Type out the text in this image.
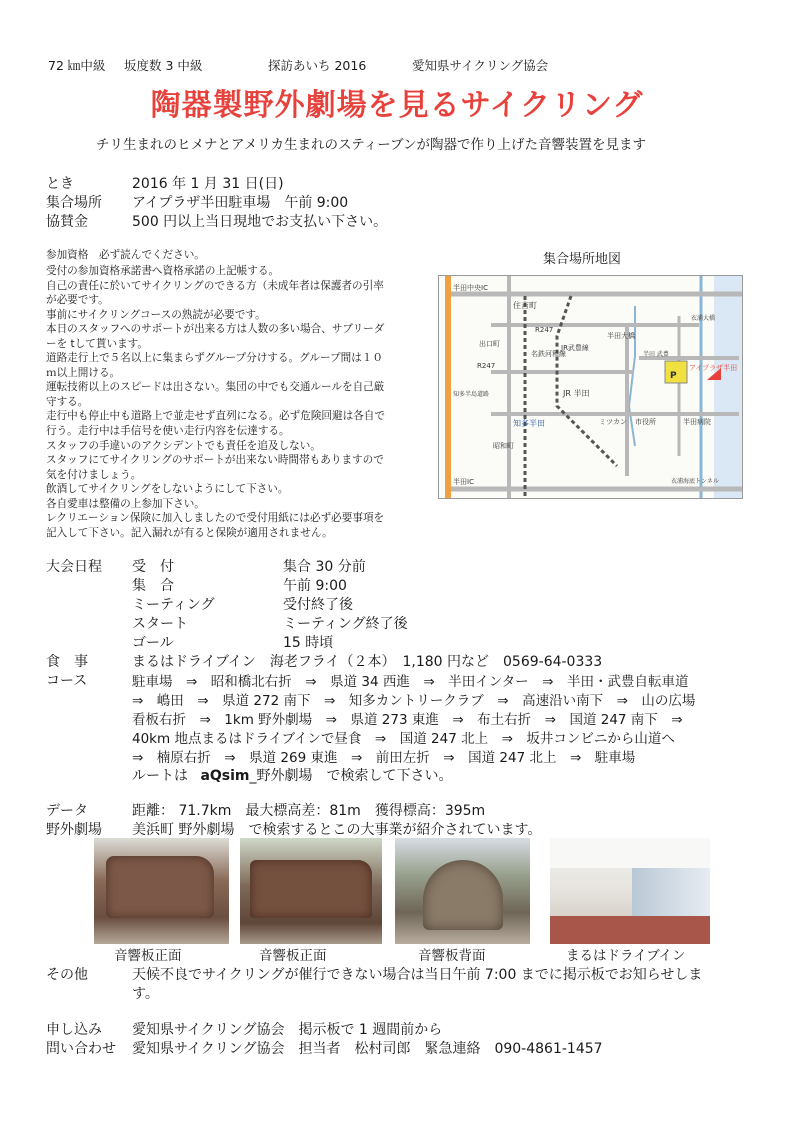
72 ㎞中級 坂度数 3 中級	探訪あいち 2016	愛知県サイクリング協会
陶器製野外劇場を見るサイクリング
チリ生まれのヒメナとアメリカ生まれのスティーブンが陶器で作り上げた音響装置を見ます
とき	2016 年 1 月 31 日(日)
集合場所 アイプラザ半田駐車場　午前 9:00
協賛金	500 円以上当日現地でお支払い下さい。
参加資格　必ず読んでください。
受付の参加資格承諾書へ資格承諾の上記帳する。
自己の責任に於いてサイクリングのできる方（未成年者は保護者の引率
が必要です。
事前にサイクリングコースの熟読が必要です。
本日のスタッフへのサポートが出来る方は人数の多い場合、サブリーダ
ーを tして貰います。
道路走行上で５名以上に集まらずグループ分けする。グループ間は１０
ｍ以上開ける。
運転技術以上のスピードは出さない。集団の中でも交通ルールを自己厳
守する。
走行中も停止中も道路上で並走せず直列になる。必ず危険回避は各自で
行う。走行中は手信号を使い走行内容を伝達する。
スタッフの手違いのアクシデントでも責任を追及しない。
スタッフにてサイクリングのサポートが出来ない時間帯もありますので
気を付けましょう。
飲酒してサイクリングをしないようにして下さい。
各自愛車は整備の上参加下さい。
レクリエーション保険に加入しましたので受付用紙には必ず必要事項を
記入して下さい。記入漏れが有ると保険が適用されません。
集合場所地図
半田中央IC
半田IC
住吉町
R247
R247
JR 半田
知多半田
半田大橋
衣浦大橋
衣浦海底トンネル
P
アイプラザ半田
市役所	半田病院
ミツカン
出口町
名鉄河和線
JR武豊線
昭和町
知多半島道路
半田 武豊
大会日程 受　付	集合 30 分前
集　合	午前 9:00
ミーティング	受付終了後
スタート	ミーティング終了後
ゴール	15 時頃
食　事	まるはドライブイン　海老フライ（２本）　1,180 円など　0569-64-0333
コース	駐車場　⇒　昭和橋北右折　⇒　県道 34 西進　⇒　半田インター　⇒　半田・武豊自転車道
⇒　嶋田　⇒　県道 272 南下　⇒　知多カントリークラブ　⇒　高速沿い南下　⇒　山の広場
看板右折　⇒　1km 野外劇場　⇒　県道 273 東進　⇒　布土右折　⇒　国道 247 南下　⇒
40km 地点まるはドライブインで昼食　⇒　国道 247 北上　⇒　坂井コンビニから山道へ
⇒　楠原右折　⇒　県道 269 東進　⇒　前田左折　⇒　国道 247 北上　⇒　駐車場
ルートは aQsim_野外劇場　で検索して下さい。
データ	距離： 71.7km　最大標高差：81m　獲得標高：395m
野外劇場 美浜町 野外劇場　で検索するとこの大事業が紹介されています。
音響板正面	音響板正面	音響板背面	まるはドライブイン
その他	天候不良でサイクリングが催行できない場合は当日午前 7:00 までに掲示板でお知らせしま
す。
申し込み 愛知県サイクリング協会　掲示板で 1 週間前から
問い合わせ 愛知県サイクリング協会　担当者　松村司郎　緊急連絡　090-4861-1457
